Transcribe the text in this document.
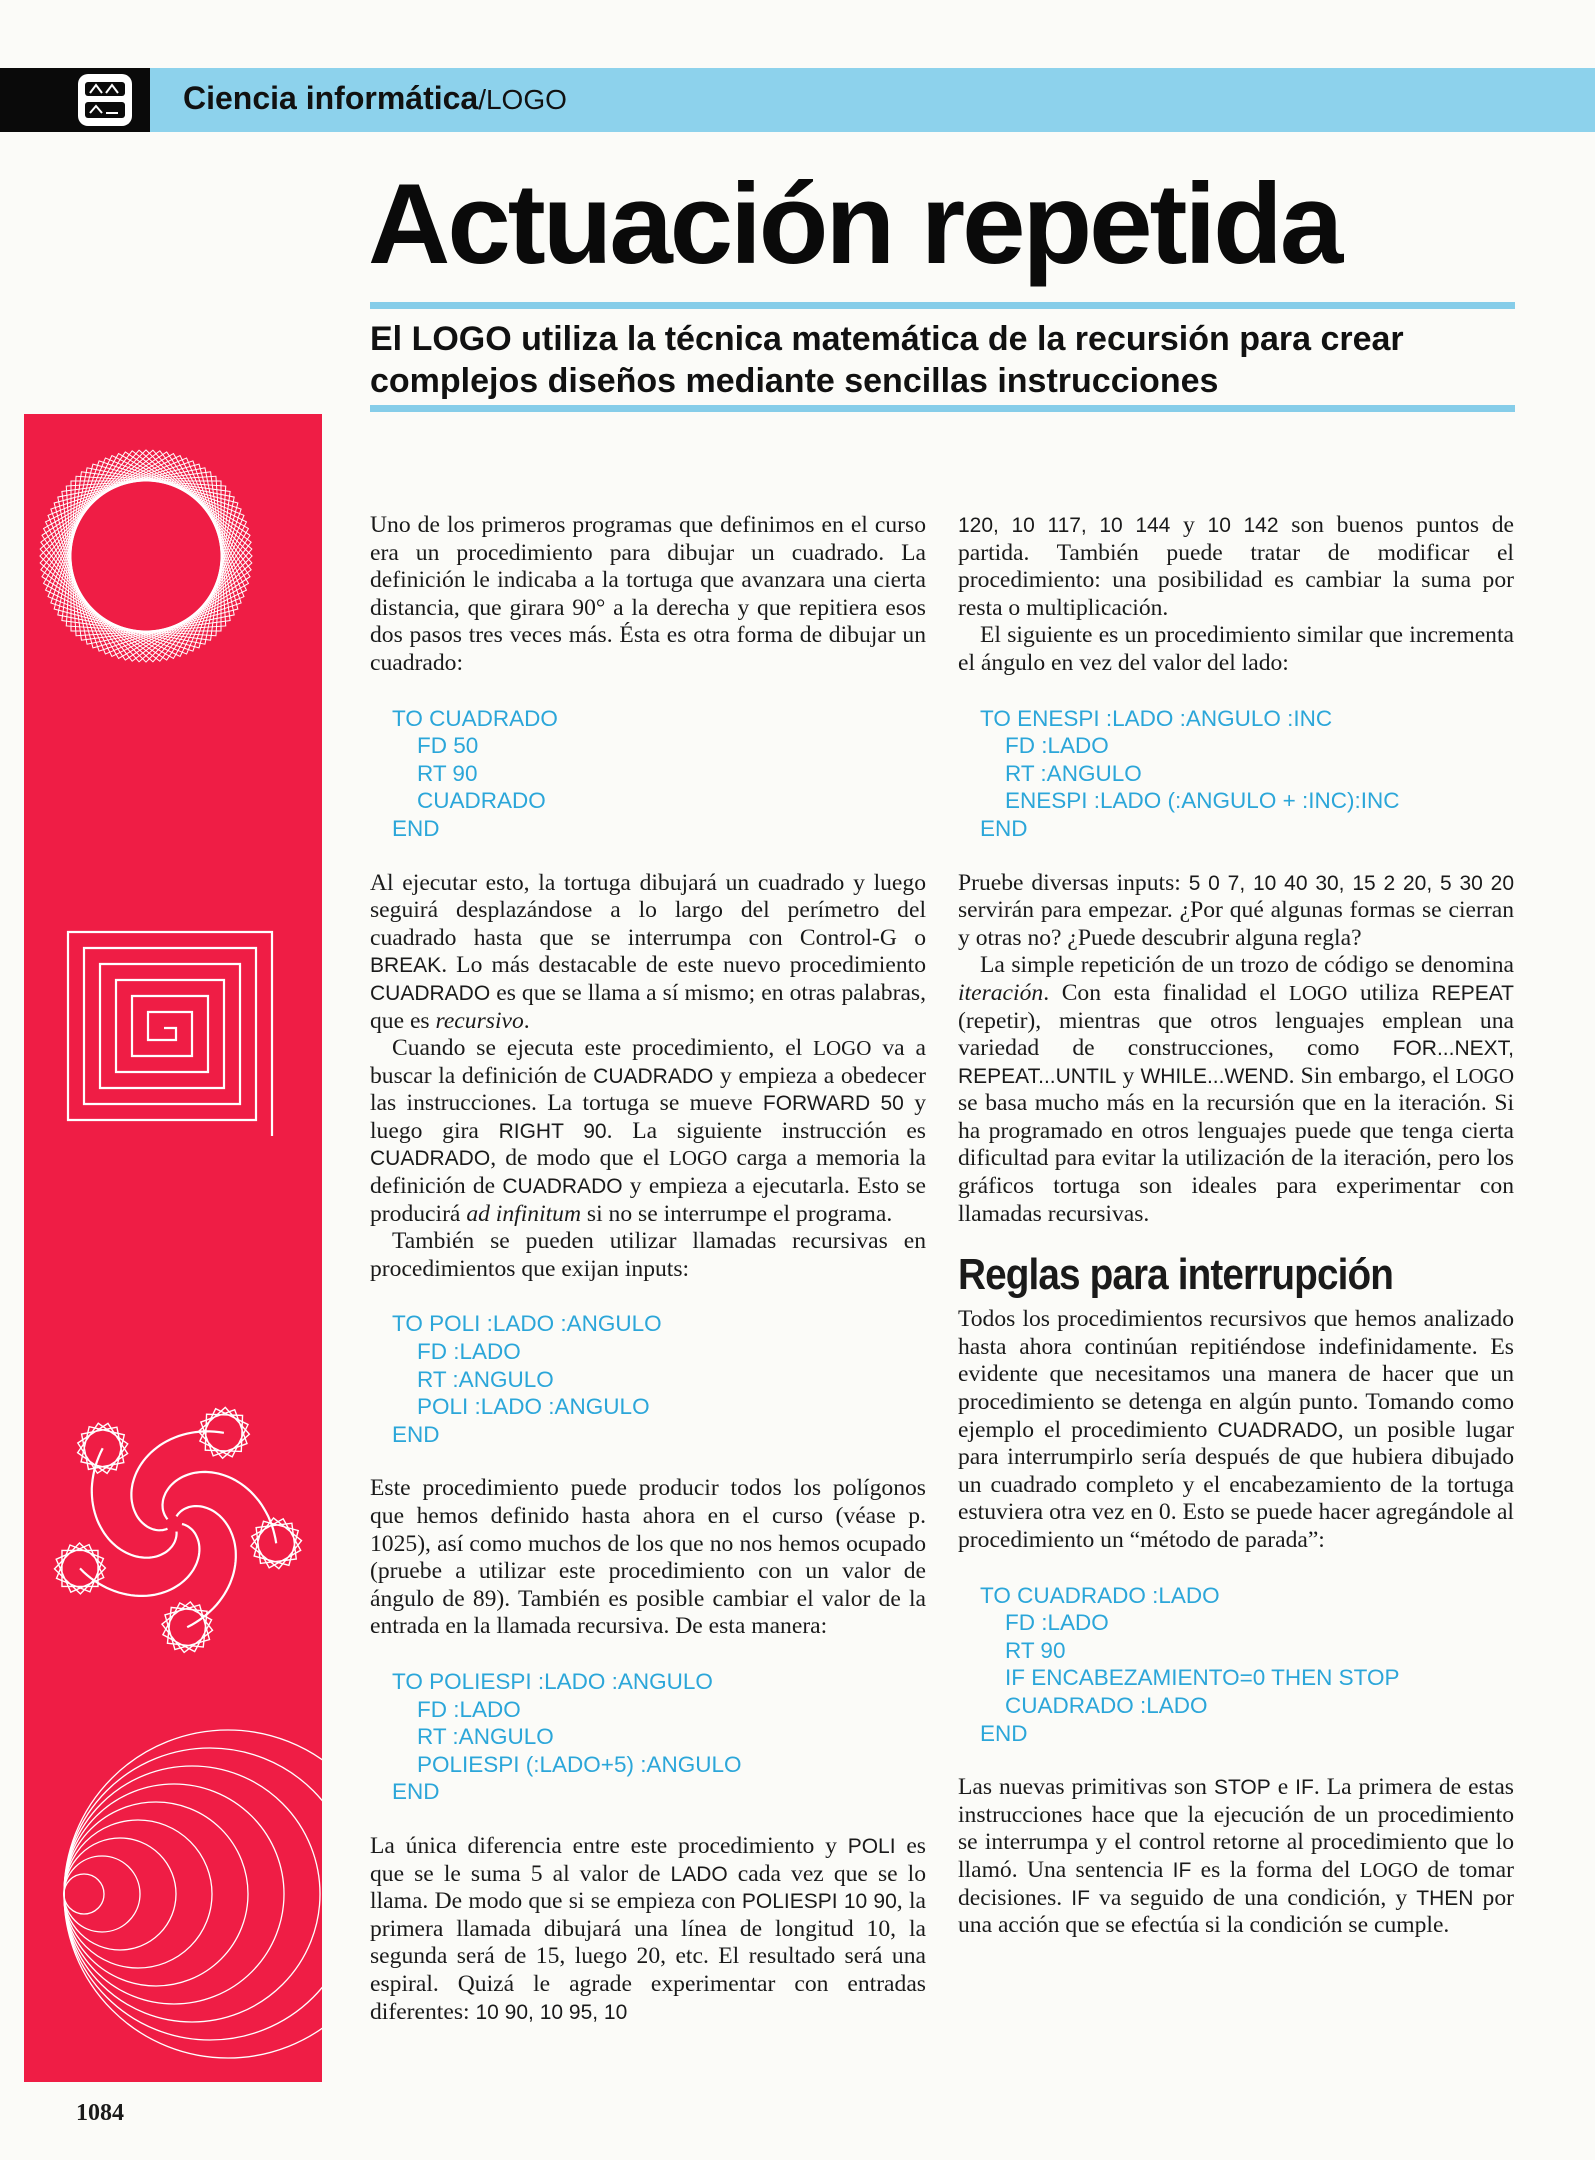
Ciencia informática/LOGO
Actuación repetida
El LOGO utiliza la técnica matemática de la recursión para crear complejos diseños mediante sencillas instrucciones

Uno de los primeros programas que definimos en el curso era un procedimiento para dibujar un cuadrado. La definición le indicaba a la tortuga que avanzara una cierta distancia, que girara 90° a la derecha y que repitiera esos dos pasos tres veces más. Ésta es otra forma de dibujar un cuadrado:

TO CUADRADO
FD 50
RT 90
CUADRADO
END

Al ejecutar esto, la tortuga dibujará un cuadrado y luego seguirá desplazándose a lo largo del perímetro del cuadrado hasta que se interrumpa con Control-G o BREAK. Lo más destacable de este nuevo procedimiento CUADRADO es que se llama a sí mismo; en otras palabras, que es recursivo.

Cuando se ejecuta este procedimiento, el LOGO va a buscar la definición de CUADRADO y empieza a obedecer las instrucciones. La tortuga se mueve FORWARD 50 y luego gira RIGHT 90. La siguiente instrucción es CUADRADO, de modo que el LOGO carga a memoria la definición de CUADRADO y empieza a ejecutarla. Esto se producirá ad infinitum si no se interrumpe el programa.

También se pueden utilizar llamadas recursivas en procedimientos que exijan inputs:

TO POLI :LADO :ANGULO
FD :LADO
RT :ANGULO
POLI :LADO :ANGULO
END

Este procedimiento puede producir todos los polígonos que hemos definido hasta ahora en el curso (véase p. 1025), así como muchos de los que no nos hemos ocupado (pruebe a utilizar este procedimiento con un valor de ángulo de 89). También es posible cambiar el valor de la entrada en la llamada recursiva. De esta manera:

TO POLIESPI :LADO :ANGULO
FD :LADO
RT :ANGULO
POLIESPI (:LADO+5) :ANGULO
END

La única diferencia entre este procedimiento y POLI es que se le suma 5 al valor de LADO cada vez que se lo llama. De modo que si se empieza con POLIESPI 10 90, la primera llamada dibujará una línea de longitud 10, la segunda será de 15, luego 20, etc. El resultado será una espiral. Quizá le agrade experimentar con entradas diferentes: 10 90, 10 95, 10

120, 10 117, 10 144 y 10 142 son buenos puntos de partida. También puede tratar de modificar el procedimiento: una posibilidad es cambiar la suma por resta o multiplicación.

El siguiente es un procedimiento similar que incrementa el ángulo en vez del valor del lado:

TO ENESPI :LADO :ANGULO :INC
FD :LADO
RT :ANGULO
ENESPI :LADO (:ANGULO + :INC):INC
END

Pruebe diversas inputs: 5 0 7, 10 40 30, 15 2 20, 5 30 20 servirán para empezar. ¿Por qué algunas formas se cierran y otras no? ¿Puede descubrir alguna regla?

La simple repetición de un trozo de código se denomina iteración. Con esta finalidad el LOGO utiliza REPEAT (repetir), mientras que otros lenguajes emplean una variedad de construcciones, como FOR...NEXT, REPEAT...UNTIL y WHILE...WEND. Sin embargo, el LOGO se basa mucho más en la recursión que en la iteración. Si ha programado en otros lenguajes puede que tenga cierta dificultad para evitar la utilización de la iteración, pero los gráficos tortuga son ideales para experimentar con llamadas recursivas.

Reglas para interrupción

Todos los procedimientos recursivos que hemos analizado hasta ahora continúan repitiéndose indefinidamente. Es evidente que necesitamos una manera de hacer que un procedimiento se detenga en algún punto. Tomando como ejemplo el procedimiento CUADRADO, un posible lugar para interrumpirlo sería después de que hubiera dibujado un cuadrado completo y el encabezamiento de la tortuga estuviera otra vez en 0. Esto se puede hacer agregándole al procedimiento un “método de parada”:

TO CUADRADO :LADO
FD :LADO
RT 90
IF ENCABEZAMIENTO=0 THEN STOP
CUADRADO :LADO
END

Las nuevas primitivas son STOP e IF. La primera de estas instrucciones hace que la ejecución de un procedimiento se interrumpa y el control retorne al procedimiento que lo llamó. Una sentencia IF es la forma del LOGO de tomar decisiones. IF va seguido de una condición, y THEN por una acción que se efectúa si la condición se cumple.

1084
